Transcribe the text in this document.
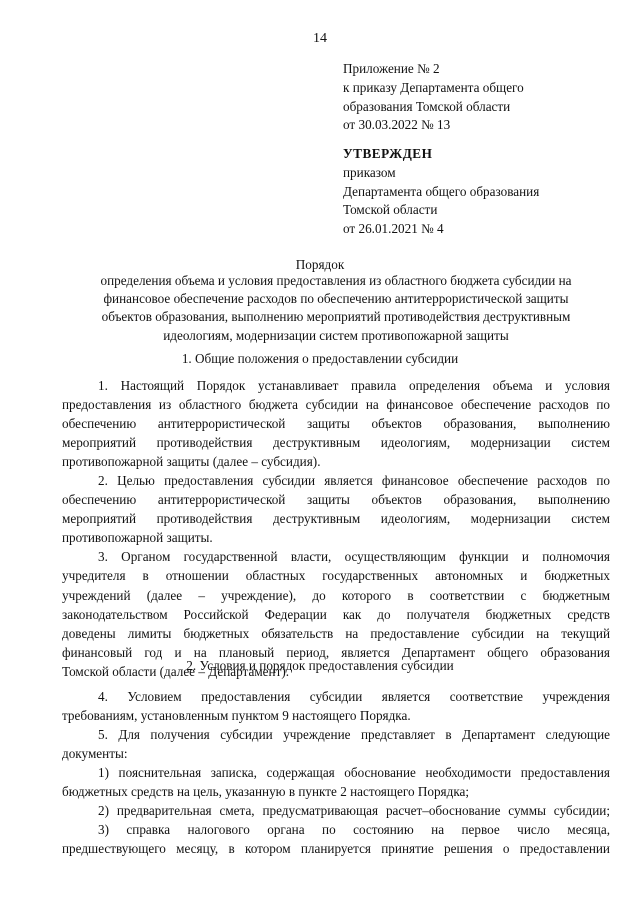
14
Приложение № 2
к приказу Департамента общего
образования Томской области
от 30.03.2022 № 13
УТВЕРЖДЕН
приказом
Департамента общего образования
Томской области
от 26.01.2021 № 4
Порядок
определения объема и условия предоставления из областного бюджета субсидии на
финансовое обеспечение расходов по обеспечению антитеррористической защиты
объектов образования, выполнению мероприятий противодействия деструктивным
идеологиям, модернизации систем противопожарной защиты
1. Общие положения о предоставлении субсидии
1. Настоящий Порядок устанавливает правила определения объема и условия
предоставления из областного бюджета субсидии на финансовое обеспечение расходов по
обеспечению антитеррористической защиты объектов образования, выполнению
мероприятий противодействия деструктивным идеологиям, модернизации систем
противопожарной защиты (далее – субсидия).
2. Целью предоставления субсидии является финансовое обеспечение расходов по
обеспечению антитеррористической защиты объектов образования, выполнению
мероприятий противодействия деструктивным идеологиям, модернизации систем
противопожарной защиты.
3. Органом государственной власти, осуществляющим функции и полномочия
учредителя в отношении областных государственных автономных и бюджетных
учреждений (далее – учреждение), до которого в соответствии с бюджетным
законодательством Российской Федерации как до получателя бюджетных средств
доведены лимиты бюджетных обязательств на предоставление субсидии на текущий
финансовый год и на плановый период, является Департамент общего образования
Томской области (далее – Департамент).
2. Условия и порядок предоставления субсидии
4. Условием предоставления субсидии является соответствие учреждения
требованиям, установленным пунктом 9 настоящего Порядка.
5. Для получения субсидии учреждение представляет в Департамент следующие
документы:
1) пояснительная записка, содержащая обоснование необходимости предоставления
бюджетных средств на цель, указанную в пункте 2 настоящего Порядка;
2) предварительная смета, предусматривающая расчет–обоснование суммы субсидии;
3) справка налогового органа по состоянию на первое число месяца,
предшествующего месяцу, в котором планируется принятие решения о предоставлении
